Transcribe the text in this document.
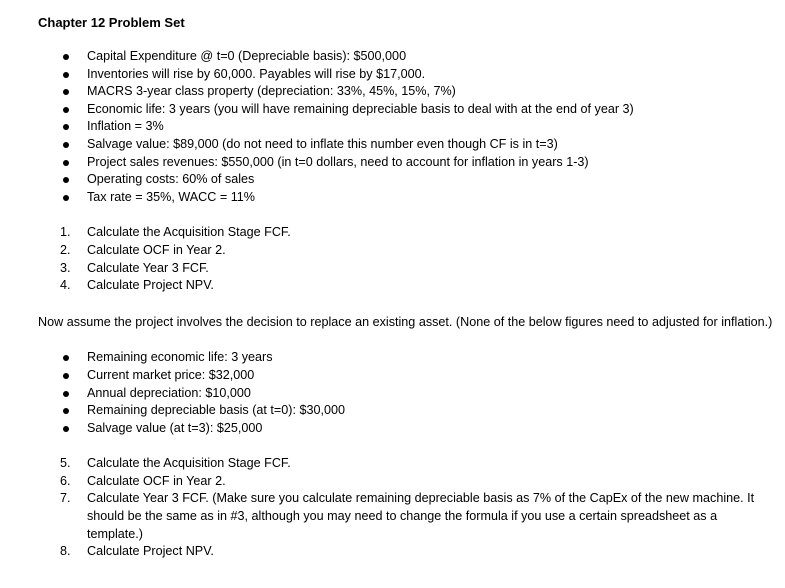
Chapter 12 Problem Set
Capital Expenditure @ t=0 (Depreciable basis): $500,000
Inventories will rise by 60,000. Payables will rise by $17,000.
MACRS 3-year class property (depreciation: 33%, 45%, 15%, 7%)
Economic life: 3 years (you will have remaining depreciable basis to deal with at the end of year 3)
Inflation = 3%
Salvage value: $89,000 (do not need to inflate this number even though CF is in t=3)
Project sales revenues: $550,000 (in t=0 dollars, need to account for inflation in years 1-3)
Operating costs: 60% of sales
Tax rate = 35%, WACC = 11%
1. Calculate the Acquisition Stage FCF.
2. Calculate OCF in Year 2.
3. Calculate Year 3 FCF.
4. Calculate Project NPV.

Now assume the project involves the decision to replace an existing asset. (None of the below figures need to adjusted for inflation.)

Remaining economic life: 3 years
Current market price: $32,000
Annual depreciation: $10,000
Remaining depreciable basis (at t=0): $30,000
Salvage value (at t=3): $25,000
5. Calculate the Acquisition Stage FCF.
6. Calculate OCF in Year 2.
7. Calculate Year 3 FCF. (Make sure you calculate remaining depreciable basis as 7% of the CapEx of the new machine. It should be the same as in #3, although you may need to change the formula if you use a certain spreadsheet as a template.)
8. Calculate Project NPV.
